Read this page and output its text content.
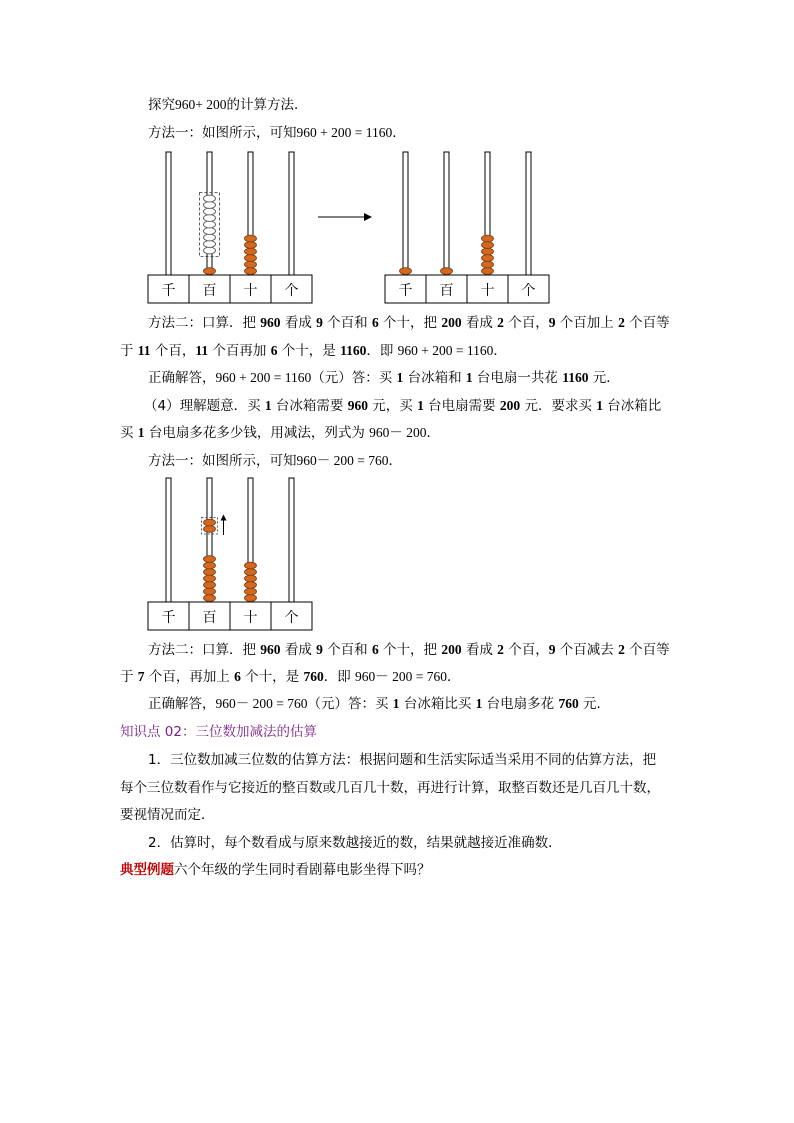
探究960+ 200的计算方法．
方法一：如图所示，可知960 + 200 = 1160．
千 百 十 个	千 百 十 个
千 百 十 个
方法二：口算．把 960 看成 9 个百和 6 个十，把 200 看成 2 个百，9 个百加上 2 个百等
于 11 个百，11 个百再加 6 个十，是 1160．即 960 + 200 = 1160．
正确解答，960 + 200 = 1160（元）答：买 1 台冰箱和 1 台电扇一共花 1160 元．
（4）理解题意．买 1 台冰箱需要 960 元，买 1 台电扇需要 200 元．要求买 1 台冰箱比
买 1 台电扇多花多少钱，用减法，列式为 960－ 200．
方法一：如图所示，可知960－ 200 = 760．
方法二：口算．把 960 看成 9 个百和 6 个十，把 200 看成 2 个百，9 个百减去 2 个百等
于 7 个百，再加上 6 个十，是 760．即 960－ 200 = 760．
正确解答，960－ 200 = 760（元）答：买 1 台冰箱比买 1 台电扇多花 760 元．
知识点 02：三位数加减法的估算
1．三位数加减三位数的估算方法：根据问题和生活实际适当采用不同的估算方法，把
每个三位数看作与它接近的整百数或几百几十数，再进行计算，取整百数还是几百几十数，
要视情况而定．
2．估算时，每个数看成与原来数越接近的数，结果就越接近准确数．
典型例题六个年级的学生同时看剧幕电影坐得下吗？
